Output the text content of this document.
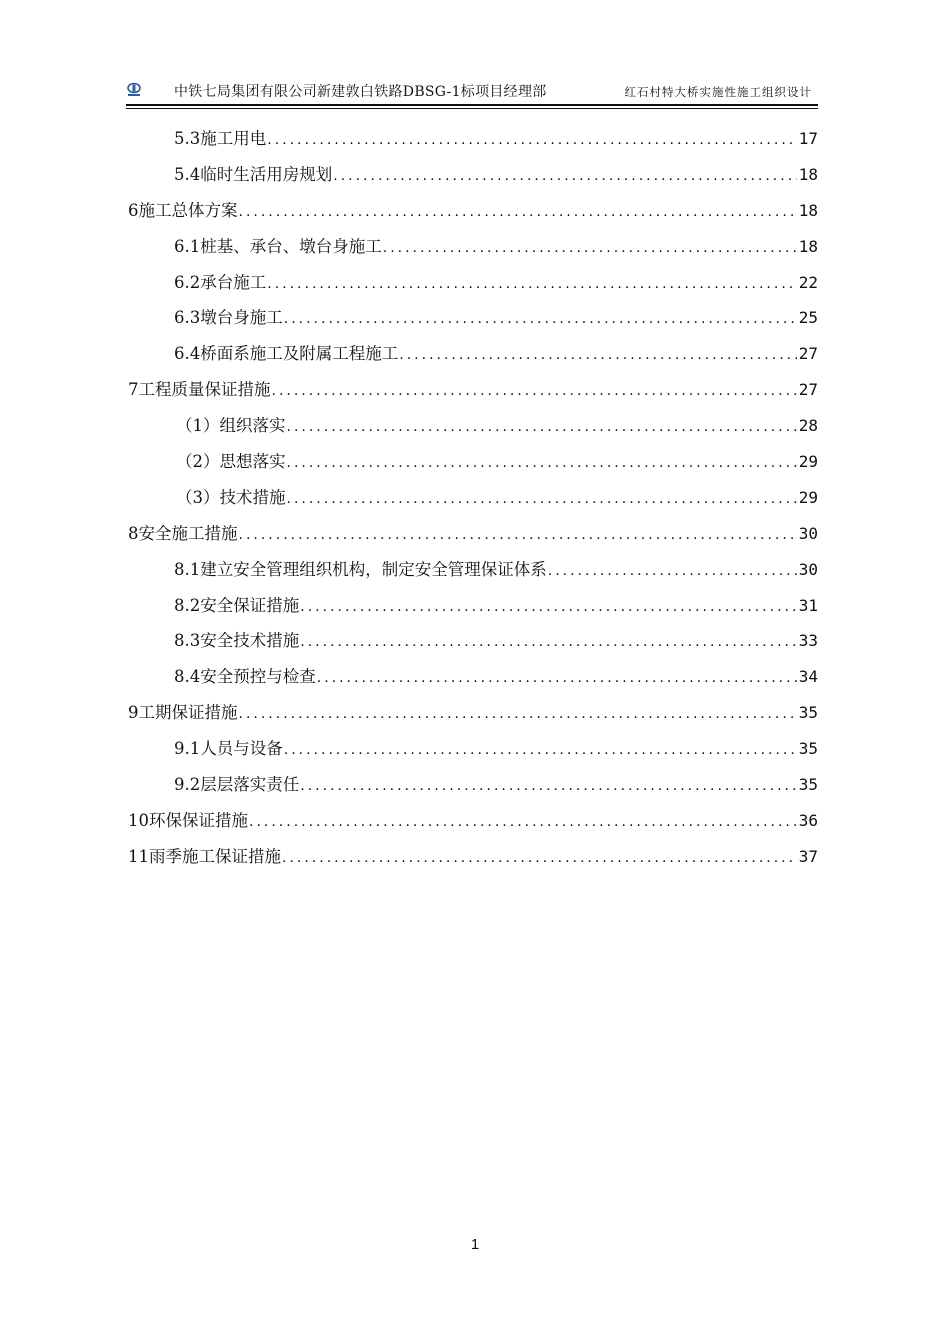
中铁七局集团有限公司新建敦白铁路DBSG-1标项目经理部	红石村特大桥实施性施工组织设计
5.3施工用电 .....	17
5.4临时生活用房规划 .....	18
6施工总体方案 .....	18
6.1桩基、承台、墩台身施工 .....	18
6.2承台施工 .....	22
6.3墩台身施工 .....	25
6.4桥面系施工及附属工程施工 .....	27
7工程质量保证措施 .....	27
（1）组织落实 .....	28
（2）思想落实 .....	29
（3）技术措施 .....	29
8安全施工措施 .....	30
8.1建立安全管理组织机构，制定安全管理保证体系 .....	30
8.2安全保证措施 .....	31
8.3安全技术措施 .....	33
8.4安全预控与检查 .....	34
9工期保证措施 .....	35
9.1人员与设备 .....	35
9.2层层落实责任 .....	35
10环保保证措施 .....	36
11雨季施工保证措施 .....	37
1
